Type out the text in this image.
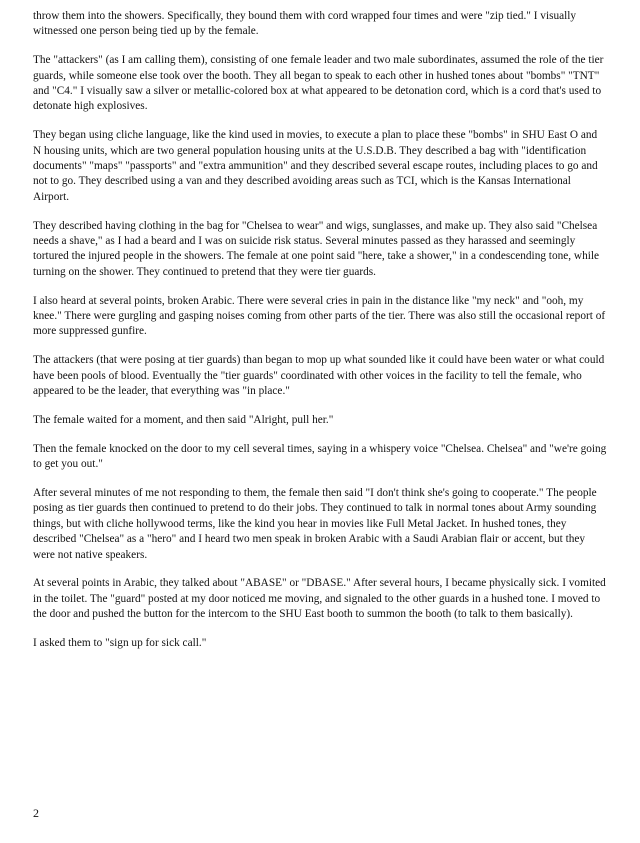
throw them into the showers. Specifically, they bound them with cord wrapped four times and were "zip tied." I visually witnessed one person being tied up by the female.

The "attackers" (as I am calling them), consisting of one female leader and two male subordinates, assumed the role of the tier guards, while someone else took over the booth. They all began to speak to each other in hushed tones about "bombs" "TNT" and "C4." I visually saw a silver or metallic-colored box at what appeared to be detonation cord, which is a cord that's used to detonate high explosives.

They began using cliche language, like the kind used in movies, to execute a plan to place these "bombs" in SHU East O and N housing units, which are two general population housing units at the U.S.D.B. They described a bag with "identification documents" "maps" "passports" and "extra ammunition" and they described several escape routes, including places to go and not to go. They described using a van and they described avoiding areas such as TCI, which is the Kansas International Airport.

They described having clothing in the bag for "Chelsea to wear" and wigs, sunglasses, and make up. They also said "Chelsea needs a shave," as I had a beard and I was on suicide risk status. Several minutes passed as they harassed and seemingly tortured the injured people in the showers. The female at one point said "here, take a shower," in a condescending tone, while turning on the shower. They continued to pretend that they were tier guards.

I also heard at several points, broken Arabic. There were several cries in pain in the distance like "my neck" and "ooh, my knee." There were gurgling and gasping noises coming from other parts of the tier. There was also still the occasional report of more suppressed gunfire.

The attackers (that were posing at tier guards) than began to mop up what sounded like it could have been water or what could have been pools of blood. Eventually the "tier guards" coordinated with other voices in the facility to tell the female, who appeared to be the leader, that everything was "in place."

The female waited for a moment, and then said "Alright, pull her."

Then the female knocked on the door to my cell several times, saying in a whispery voice "Chelsea. Chelsea" and "we're going to get you out."

After several minutes of me not responding to them, the female then said "I don't think she's going to cooperate." The people posing as tier guards then continued to pretend to do their jobs. They continued to talk in normal tones about Army sounding things, but with cliche hollywood terms, like the kind you hear in movies like Full Metal Jacket. In hushed tones, they described "Chelsea" as a "hero" and I heard two men speak in broken Arabic with a Saudi Arabian flair or accent, but they were not native speakers.

At several points in Arabic, they talked about "ABASE" or "DBASE." After several hours, I became physically sick. I vomited in the toilet. The "guard" posted at my door noticed me moving, and signaled to the other guards in a hushed tone. I moved to the door and pushed the button for the intercom to the SHU East booth to summon the booth (to talk to them basically).

I asked them to "sign up for sick call."

2
